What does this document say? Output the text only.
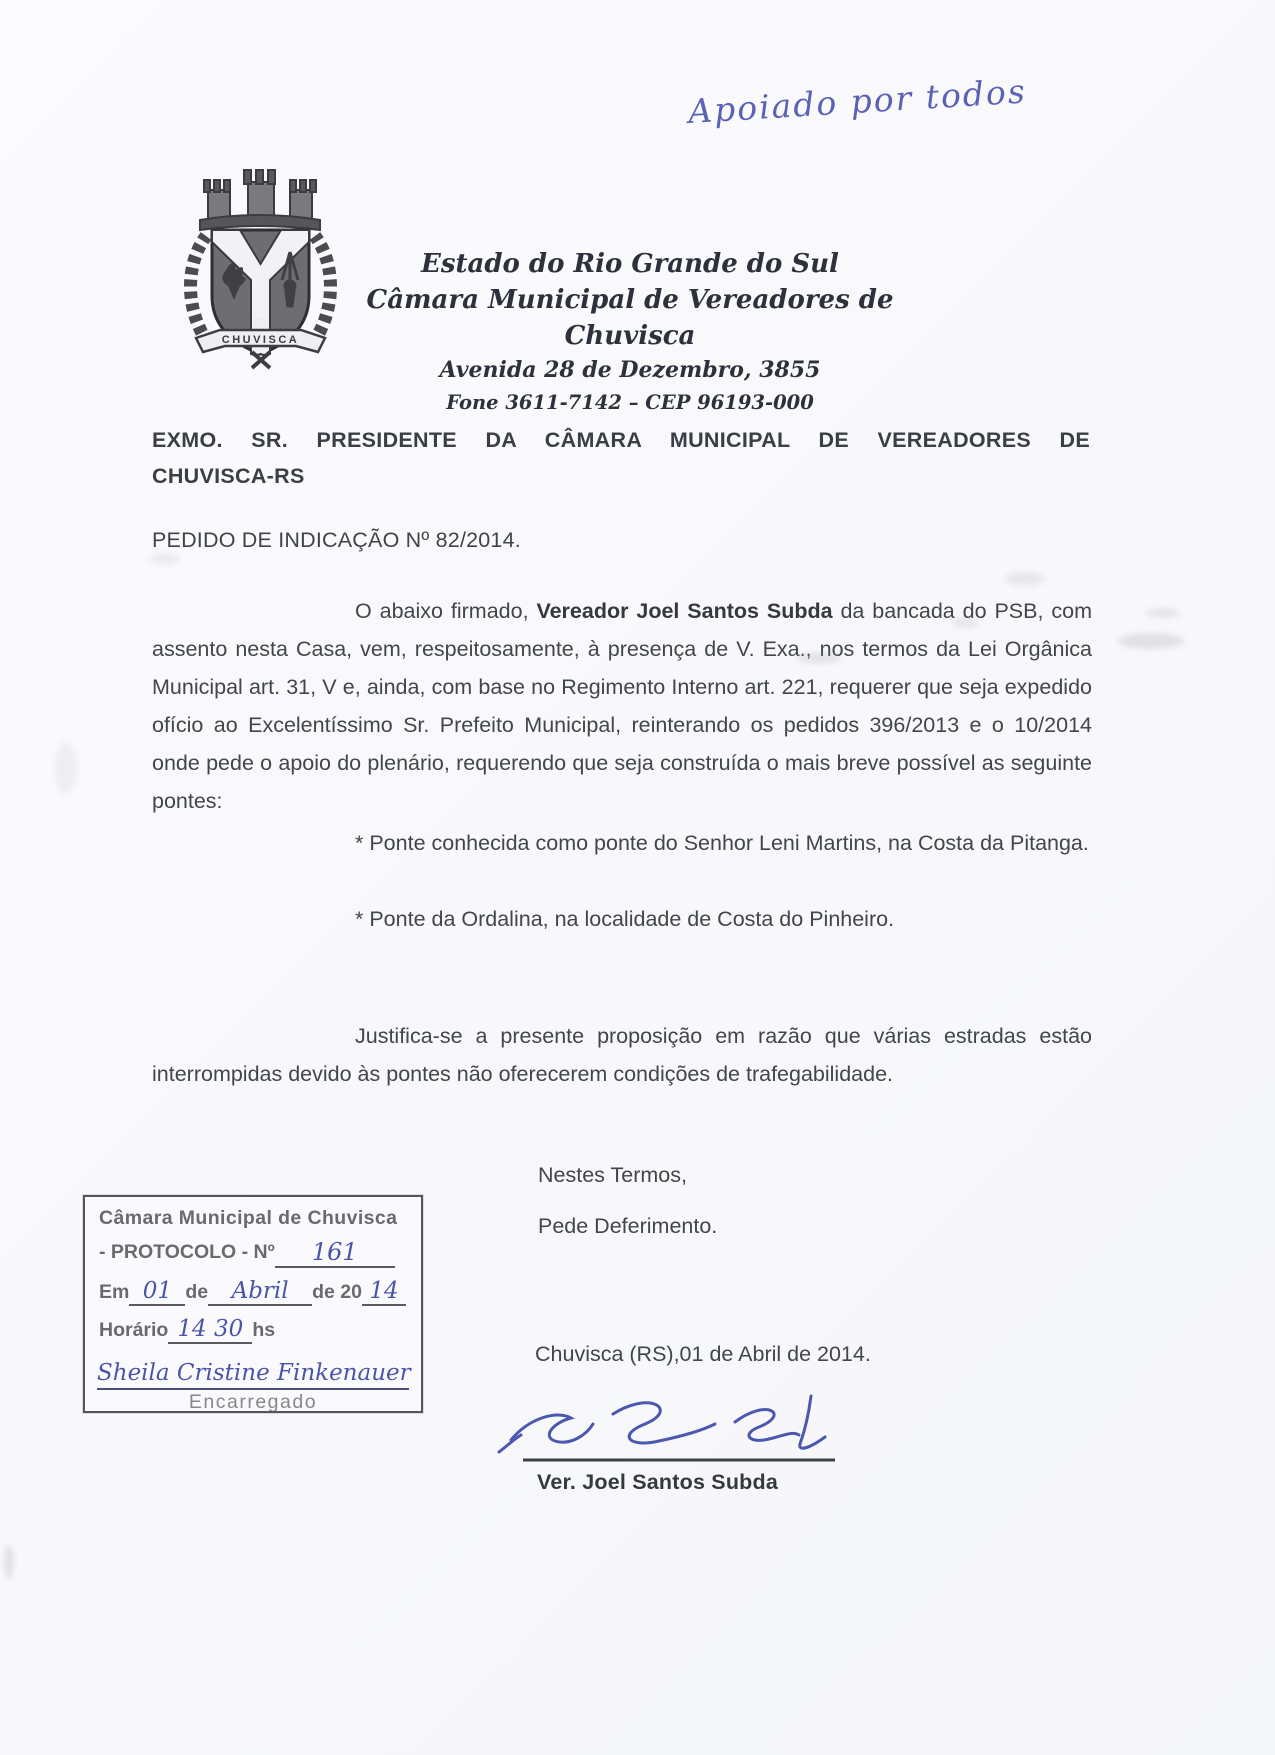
Apoiado por todos
CHUVISCA
Estado do Rio Grande do Sul
Câmara Municipal de Vereadores de Chuvisca
Avenida 28 de Dezembro, 3855
Fone 3611-7142 – CEP 96193-000
EXMO. SR. PRESIDENTE DA CÂMARA MUNICIPAL DE VEREADORES DE
CHUVISCA-RS
PEDIDO DE INDICAÇÃO Nº 82/2014.
O abaixo firmado, Vereador Joel Santos Subda da bancada do PSB, com assento nesta Casa, vem, respeitosamente, à presença de V. Exa., nos termos da Lei Orgânica Municipal art. 31, V e, ainda, com base no Regimento Interno art. 221, requerer que seja expedido ofício ao Excelentíssimo Sr. Prefeito Municipal, reinterando os pedidos 396/2013 e o 10/2014 onde pede o apoio do plenário, requerendo que seja construída o mais breve possível as seguinte pontes:
* Ponte conhecida como ponte do Senhor Leni Martins, na Costa da Pitanga.
* Ponte da Ordalina, na localidade de Costa do Pinheiro.
Justifica-se a presente proposição em razão que várias estradas estão interrompidas devido às pontes não oferecerem condições de trafegabilidade.
Nestes Termos,
Pede Deferimento.
Chuvisca (RS),01 de Abril de 2014.
Ver. Joel Santos Subda
Câmara Municipal de Chuvisca
- PROTOCOLO - Nº	161
Em 01 de	Abril	de 20 14
Horário 14 30 hs
Sheila Cristine Finkenauer
Encarregado
